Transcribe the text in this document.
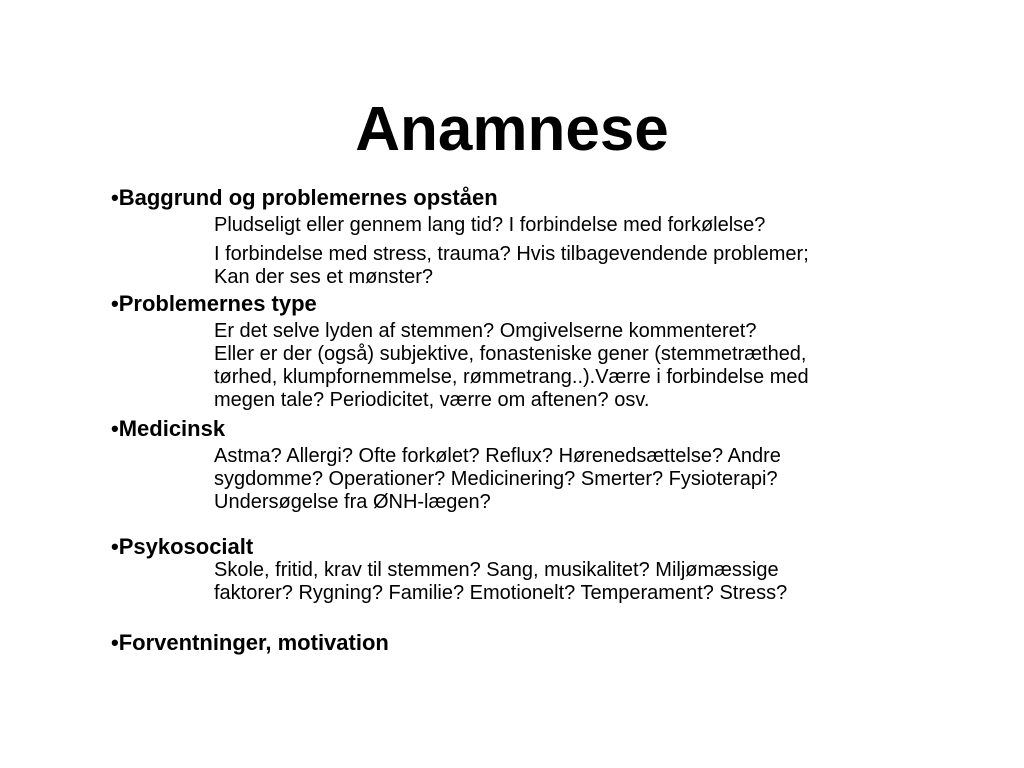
Anamnese
•Baggrund og problemernes opståen
Pludseligt eller gennem lang tid? I forbindelse med forkølelse?
I forbindelse med stress, trauma? Hvis tilbagevendende problemer;
Kan der ses et mønster?
•Problemernes type
Er det selve lyden af stemmen? Omgivelserne kommenteret?
Eller er der (også) subjektive, fonasteniske gener (stemmetræthed,
tørhed, klumpfornemmelse, rømmetrang..).Værre i forbindelse med
megen tale? Periodicitet, værre om aftenen? osv.
•Medicinsk
Astma? Allergi? Ofte forkølet? Reflux? Hørenedsættelse? Andre
sygdomme? Operationer? Medicinering? Smerter? Fysioterapi?
Undersøgelse fra ØNH-lægen?
•Psykosocialt
Skole, fritid, krav til stemmen? Sang, musikalitet? Miljømæssige
faktorer? Rygning? Familie? Emotionelt? Temperament? Stress?
•Forventninger, motivation
